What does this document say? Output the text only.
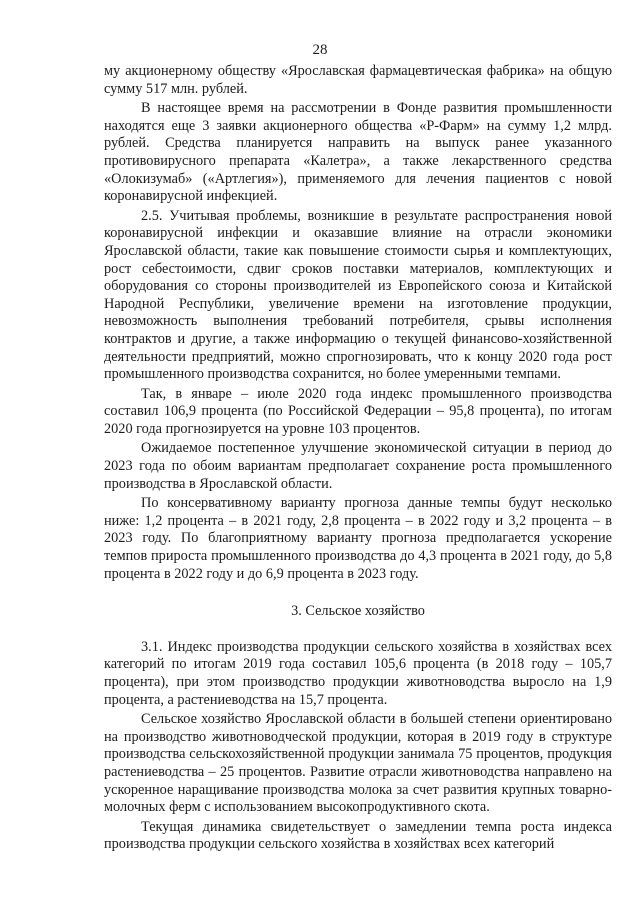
28

му акционерному обществу «Ярославская фармацевтическая фабрика» на общую сумму 517 млн. рублей.

В настоящее время на рассмотрении в Фонде развития промышленности находятся еще 3 заявки акционерного общества «Р-Фарм» на сумму 1,2 млрд. рублей. Средства планируется направить на выпуск ранее указанного противовирусного препарата «Калетра», а также лекарственного средства «Олокизумаб» («Артлегия»), применяемого для лечения пациентов с новой коронавирусной инфекцией.

2.5. Учитывая проблемы, возникшие в результате распространения новой коронавирусной инфекции и оказавшие влияние на отрасли экономики Ярославской области, такие как повышение стоимости сырья и комплектующих, рост себестоимости, сдвиг сроков поставки материалов, комплектующих и оборудования со стороны производителей из Европейского союза и Китайской Народной Республики, увеличение времени на изготовление продукции, невозможность выполнения требований потребителя, срывы исполнения контрактов и другие, а также информацию о текущей финансово-хозяйственной деятельности предприятий, можно спрогнозировать, что к концу 2020 года рост промышленного производства сохранится, но более умеренными темпами.

Так, в январе – июле 2020 года индекс промышленного производства составил 106,9 процента (по Российской Федерации – 95,8 процента), по итогам 2020 года прогнозируется на уровне 103 процентов.

Ожидаемое постепенное улучшение экономической ситуации в период до 2023 года по обоим вариантам предполагает сохранение роста промышленного производства в Ярославской области.

По консервативному варианту прогноза данные темпы будут несколько ниже: 1,2 процента – в 2021 году, 2,8 процента – в 2022 году и 3,2 процента – в 2023 году. По благоприятному варианту прогноза предполагается ускорение темпов прироста промышленного производства до 4,3 процента в 2021 году, до 5,8 процента в 2022 году и до 6,9 процента в 2023 году.

3. Сельское хозяйство

3.1. Индекс производства продукции сельского хозяйства в хозяйствах всех категорий по итогам 2019 года составил 105,6 процента (в 2018 году – 105,7 процента), при этом производство продукции животноводства выросло на 1,9 процента, а растениеводства на 15,7 процента.

Сельское хозяйство Ярославской области в большей степени ориентировано на производство животноводческой продукции, которая в 2019 году в структуре производства сельскохозяйственной продукции занимала 75 процентов, продукция растениеводства – 25 процентов. Развитие отрасли животноводства направлено на ускоренное наращивание производства молока за счет развития крупных товарно-молочных ферм с использованием высокопродуктивного скота.

Текущая динамика свидетельствует о замедлении темпа роста индекса производства продукции сельского хозяйства в хозяйствах всех категорий
